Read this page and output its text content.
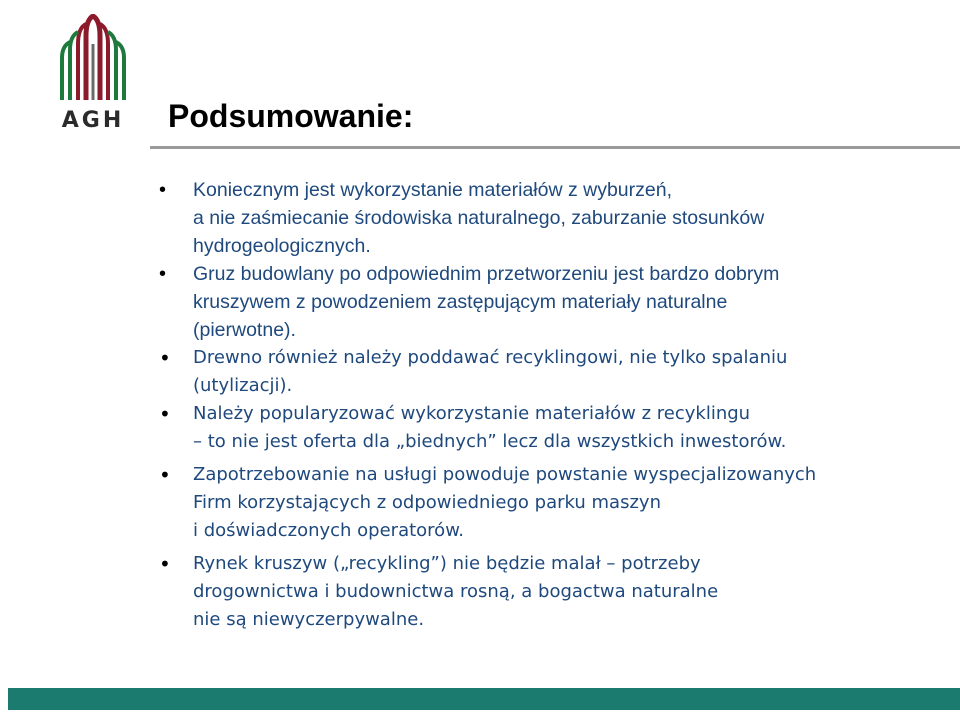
AGH Podsumowanie:
• Koniecznym jest wykorzystanie materiałów z wyburzeń,
a nie zaśmiecanie środowiska naturalnego, zaburzanie stosunków
hydrogeologicznych.
• Gruz budowlany po odpowiednim przetworzeniu jest bardzo dobrym
kruszywem z powodzeniem zastępującym materiały naturalne
(pierwotne).
• Drewno również należy poddawać recyklingowi, nie tylko spalaniu
(utylizacji).
• Należy popularyzować wykorzystanie materiałów z recyklingu
– to nie jest oferta dla „biednych” lecz dla wszystkich inwestorów.
• Zapotrzebowanie na usługi powoduje powstanie wyspecjalizowanych
Firm korzystających z odpowiedniego parku maszyn
i doświadczonych operatorów.
• Rynek kruszyw („recykling”) nie będzie malał – potrzeby
drogownictwa i budownictwa rosną, a bogactwa naturalne
nie są niewyczerpywalne.
